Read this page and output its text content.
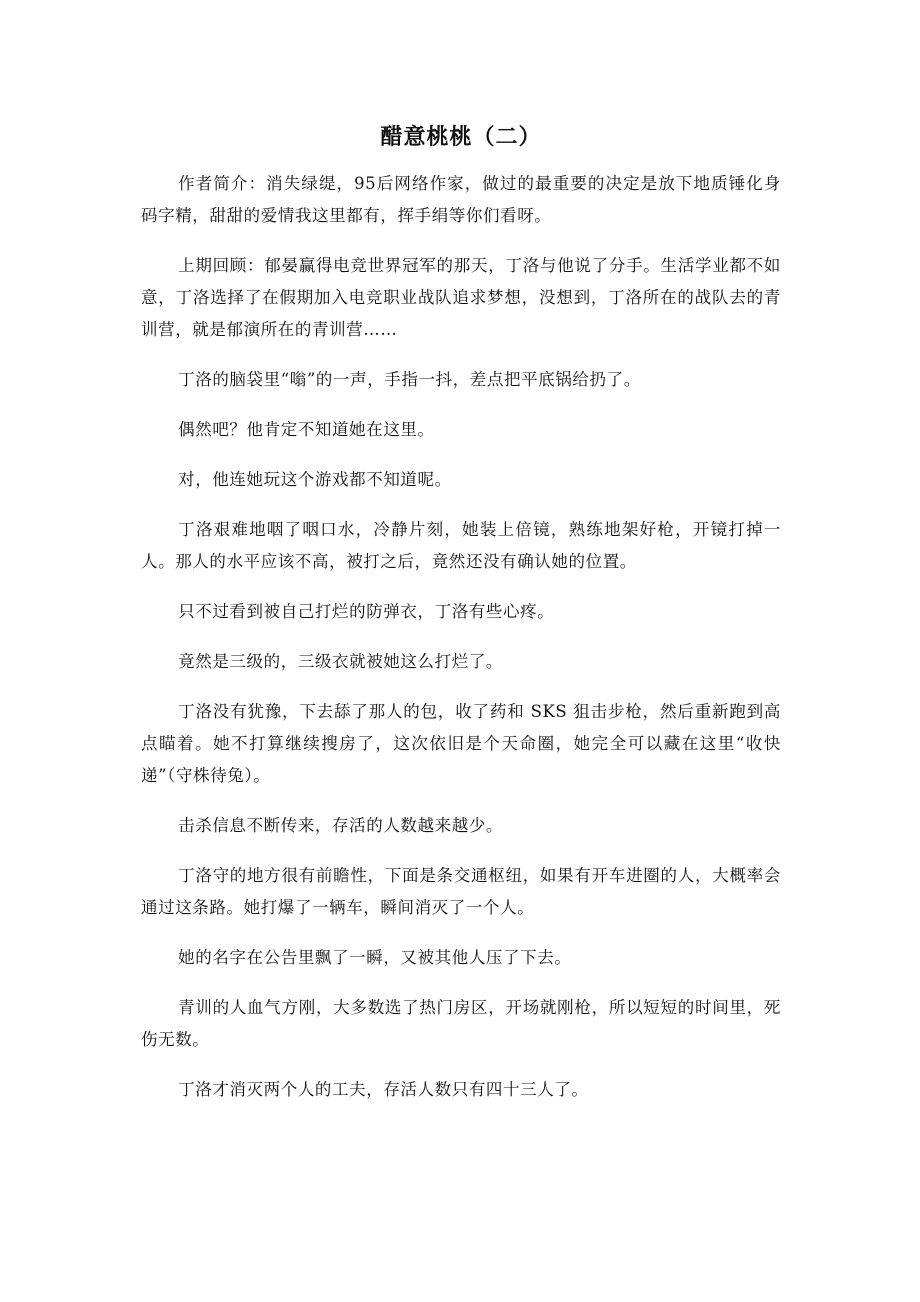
醋意桃桃（二）

作者简介：消失绿缇，95后网络作家，做过的最重要的决定是放下地质锤化身码字精，甜甜的爱情我这里都有，挥手绢等你们看呀。

上期回顾：郁晏赢得电竞世界冠军的那天，丁洛与他说了分手。生活学业都不如意，丁洛选择了在假期加入电竞职业战队追求梦想，没想到，丁洛所在的战队去的青训营，就是郁演所在的青训营……

丁洛的脑袋里“嗡”的一声，手指一抖，差点把平底锅给扔了。

偶然吧？他肯定不知道她在这里。

对，他连她玩这个游戏都不知道呢。

丁洛艰难地咽了咽口水，冷静片刻，她装上倍镜，熟练地架好枪，开镜打掉一人。那人的水平应该不高，被打之后，竟然还没有确认她的位置。

只不过看到被自己打烂的防弹衣，丁洛有些心疼。

竟然是三级的，三级衣就被她这么打烂了。

丁洛没有犹豫，下去舔了那人的包，收了药和 SKS 狙击步枪，然后重新跑到高点瞄着。她不打算继续搜房了，这次依旧是个天命圈，她完全可以藏在这里“收快递”（守株待兔）。

击杀信息不断传来，存活的人数越来越少。

丁洛守的地方很有前瞻性，下面是条交通枢纽，如果有开车进圈的人，大概率会通过这条路。她打爆了一辆车，瞬间消灭了一个人。

她的名字在公告里飘了一瞬，又被其他人压了下去。

青训的人血气方刚，大多数选了热门房区，开场就刚枪，所以短短的时间里，死伤无数。

丁洛才消灭两个人的工夫，存活人数只有四十三人了。
